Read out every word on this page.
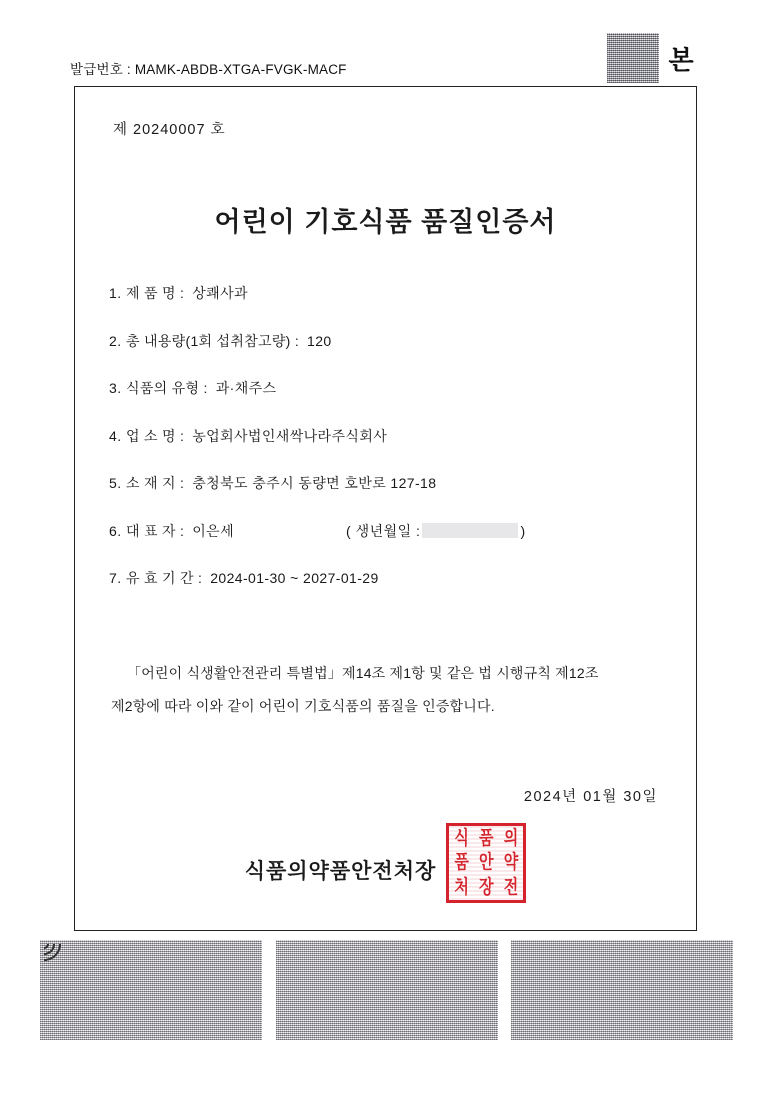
발급번호 : MAMK-ABDB-XTGA-FVGK-MACF	본
제 20240007 호
어린이 기호식품 품질인증서
1. 제 품 명 : 상쾌사과
2. 총 내용량(1회 섭취참고량) : 120
3. 식품의 유형 : 과·채주스
4. 업 소 명 : 농업회사법인새싹나라주식회사
5. 소 재 지 : 충청북도 충주시 동량면 호반로 127-18
6. 대 표 자 : 이은세	( 생년월일 :	)
7. 유 효 기 간 : 2024-01-30 ~ 2027-01-29
「어린이 식생활안전관리 특별법」제14조 제1항 및 같은 법 시행규칙 제12조
제2항에 따라 이와 같이 어린이 기호식품의 품질을 인증합니다.
2024년 01월 30일
식품의약품안전처장
식 품 의
품 안 약
처 장 전
